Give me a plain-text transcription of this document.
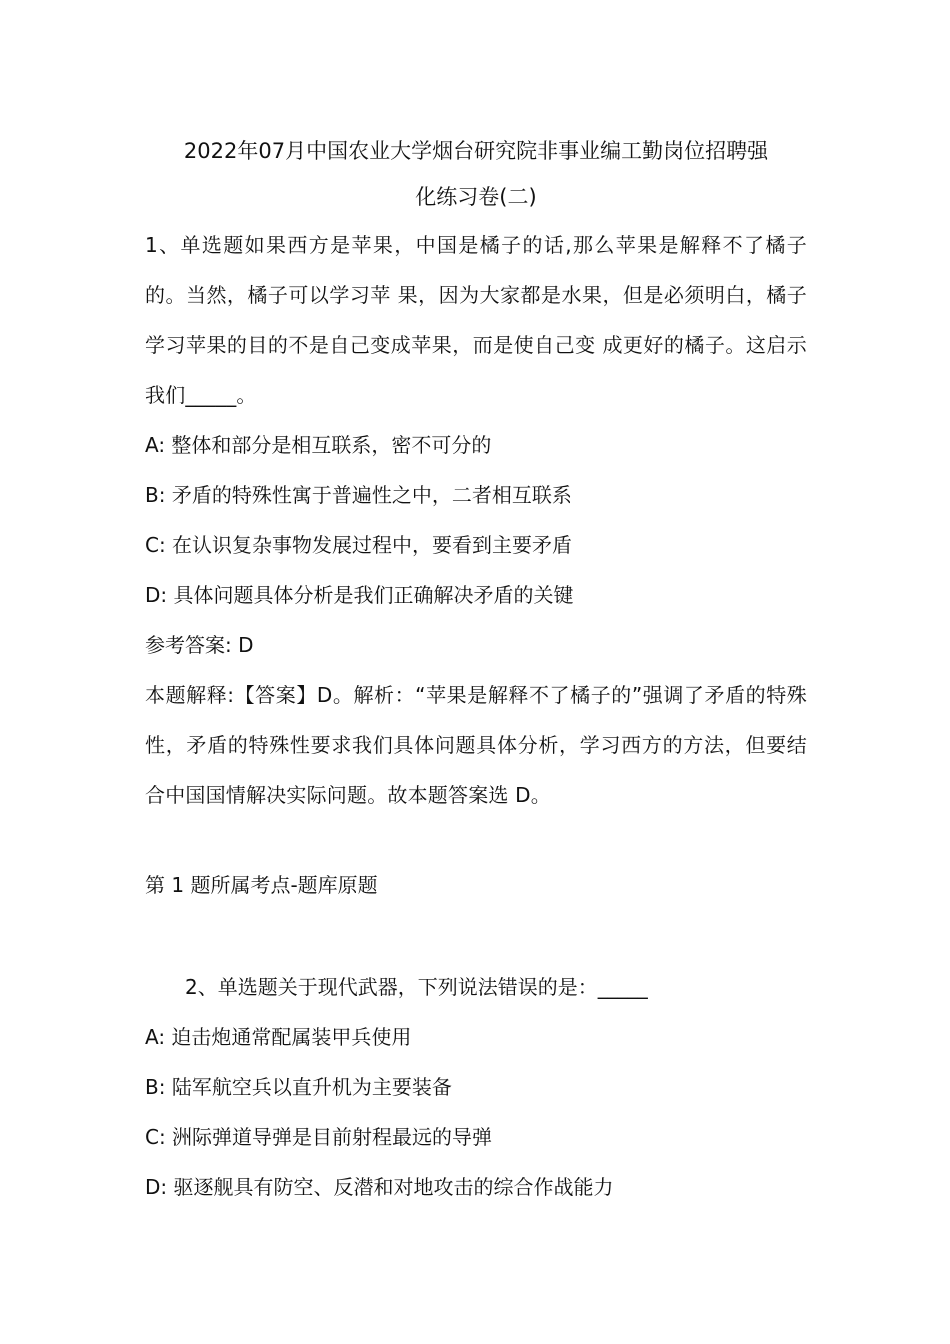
2022年07月中国农业大学烟台研究院非事业编工勤岗位招聘强

化练习卷(二)

1、单选题如果西方是苹果，中国是橘子的话,那么苹果是解释不了橘子的。当然，橘子可以学习苹 果，因为大家都是水果，但是必须明白，橘子学习苹果的目的不是自己变成苹果，而是使自己变 成更好的橘子。这启示我们_____。

A: 整体和部分是相互联系，密不可分的

B: 矛盾的特殊性寓于普遍性之中，二者相互联系

C: 在认识复杂事物发展过程中，要看到主要矛盾

D: 具体问题具体分析是我们正确解决矛盾的关键

参考答案: D

本题解释:【答案】D。解析：“苹果是解释不了橘子的”强调了矛盾的特殊性，矛盾的特殊性要求我们具体问题具体分析，学习西方的方法，但要结合中国国情解决实际问题。故本题答案选 D。

第 1 题所属考点-题库原题

2、单选题关于现代武器，下列说法错误的是：_____

A: 迫击炮通常配属装甲兵使用

B: 陆军航空兵以直升机为主要装备

C: 洲际弹道导弹是目前射程最远的导弹

D: 驱逐舰具有防空、反潜和对地攻击的综合作战能力
